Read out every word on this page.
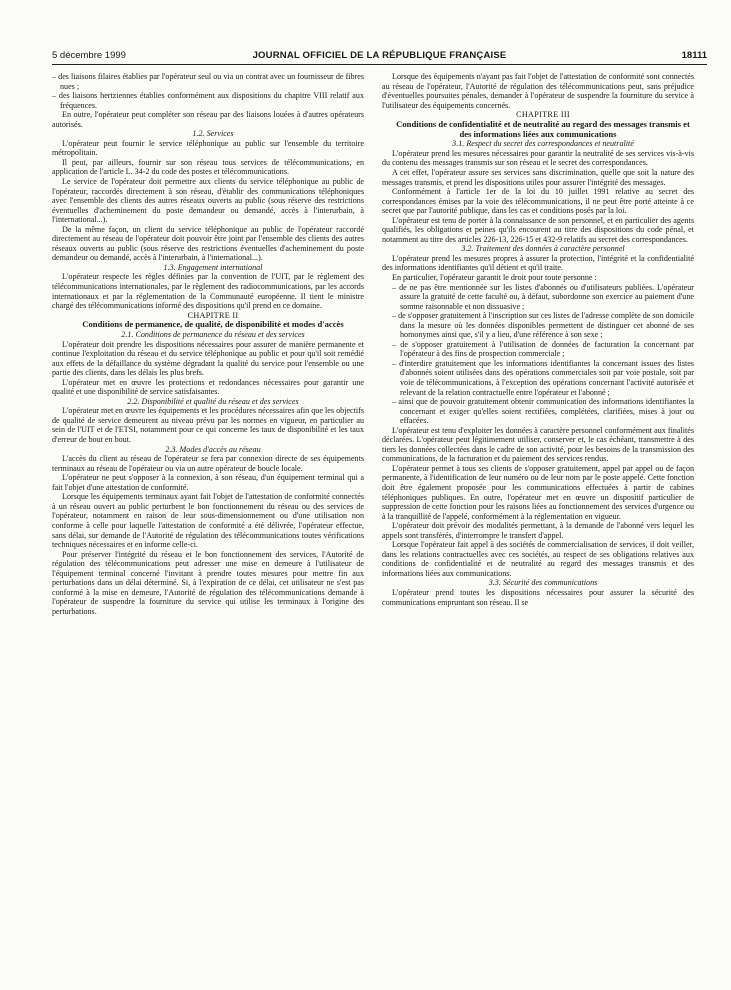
5 décembre 1999	JOURNAL OFFICIEL DE LA RÉPUBLIQUE FRANÇAISE	18111

– des liaisons filaires établies par l'opérateur seul ou via un contrat avec un fournisseur de fibres nues ;

– des liaisons hertziennes établies conformément aux dispositions du chapitre VIII relatif aux fréquences.

En outre, l'opérateur peut compléter son réseau par des liaisons louées à d'autres opérateurs autorisés.

1.2. Services

L'opérateur peut fournir le service téléphonique au public sur l'ensemble du territoire métropolitain.

Il peut, par ailleurs, fournir sur son réseau tous services de télécommunications, en application de l'article L. 34-2 du code des postes et télécommunications.

Le service de l'opérateur doit permettre aux clients du service téléphonique au public de l'opérateur, raccordés directement à son réseau, d'établir des communications téléphoniques avec l'ensemble des clients des autres réseaux ouverts au public (sous réserve des restrictions éventuelles d'acheminement du poste demandeur ou demandé, accès à l'interurbain, à l'international...).

De la même façon, un client du service téléphonique au public de l'opérateur raccordé directement au réseau de l'opérateur doit pouvoir être joint par l'ensemble des clients des autres réseaux ouverts au public (sous réserve des restrictions éventuelles d'acheminement du poste demandeur ou demandé, accès à l'interurbain, à l'international...).

1.3. Engagement international

L'opérateur respecte les règles définies par la convention de l'UIT, par le règlement des télécommunications internationales, par le règlement des radiocommunications, par les accords internationaux et par la réglementation de la Communauté européenne. Il tient le ministre chargé des télécommunications informé des dispositions qu'il prend en ce domaine.

CHAPITRE II

Conditions de permanence, de qualité, de disponibilité et modes d'accès

2.1. Conditions de permanence du réseau et des services

L'opérateur doit prendre les dispositions nécessaires pour assurer de manière permanente et continue l'exploitation du réseau et du service téléphonique au public et pour qu'il soit remédié aux effets de la défaillance du système dégradant la qualité du service pour l'ensemble ou une partie des clients, dans les délais les plus brefs.

L'opérateur met en œuvre les protections et redondances nécessaires pour garantir une qualité et une disponibilité de service satisfaisantes.

2.2. Disponibilité et qualité du réseau et des services

L'opérateur met en œuvre les équipements et les procédures nécessaires afin que les objectifs de qualité de service demeurent au niveau prévu par les normes en vigueur, en particulier au sein de l'UIT et de l'ETSI, notamment pour ce qui concerne les taux de disponibilité et les taux d'erreur de bout en bout.

2.3. Modes d'accès au réseau

L'accès du client au réseau de l'opérateur se fera par connexion directe de ses équipements terminaux au réseau de l'opérateur ou via un autre opérateur de boucle locale.

L'opérateur ne peut s'opposer à la connexion, à son réseau, d'un équipement terminal qui a fait l'objet d'une attestation de conformité.

Lorsque les équipements terminaux ayant fait l'objet de l'attestation de conformité connectés à un réseau ouvert au public perturbent le bon fonctionnement du réseau ou des services de l'opérateur, notamment en raison de leur sous-dimensionnement ou d'une utilisation non conforme à celle pour laquelle l'attestation de conformité a été délivrée, l'opérateur effectue, sans délai, sur demande de l'Autorité de régulation des télécommunications toutes vérifications techniques nécessaires et en informe celle-ci.

Pour préserver l'intégrité du réseau et le bon fonctionnement des services, l'Autorité de régulation des télécommunications peut adresser une mise en demeure à l'utilisateur de l'équipement terminal concerné l'invitant à prendre toutes mesures pour mettre fin aux perturbations dans un délai déterminé. Si, à l'expiration de ce délai, cet utilisateur ne s'est pas conformé à la mise en demeure, l'Autorité de régulation des télécommunications demande à l'opérateur de suspendre la fourniture du service qui utilise les terminaux à l'origine des perturbations.

Lorsque des équipements n'ayant pas fait l'objet de l'attestation de conformité sont connectés au réseau de l'opérateur, l'Autorité de régulation des télécommunications peut, sans préjudice d'éventuelles poursuites pénales, demander à l'opérateur de suspendre la fourniture du service à l'utilisateur des équipements concernés.

CHAPITRE III

Conditions de confidentialité et de neutralité au regard des messages transmis et des informations liées aux communications

3.1. Respect du secret des correspondances et neutralité

L'opérateur prend les mesures nécessaires pour garantir la neutralité de ses services vis-à-vis du contenu des messages transmis sur son réseau et le secret des correspondances.

A cet effet, l'opérateur assure ses services sans discrimination, quelle que soit la nature des messages transmis, et prend les dispositions utiles pour assurer l'intégrité des messages.

Conformément à l'article 1er de la loi du 10 juillet 1991 relative au secret des correspondances émises par la voie des télécommunications, il ne peut être porté atteinte à ce secret que par l'autorité publique, dans les cas et conditions posés par la loi.

L'opérateur est tenu de porter à la connaissance de son personnel, et en particulier des agents qualifiés, les obligations et peines qu'ils encourent au titre des dispositions du code pénal, et notamment au titre des articles 226-13, 226-15 et 432-9 relatifs au secret des correspondances.

3.2. Traitement des données à caractère personnel

L'opérateur prend les mesures propres à assurer la protection, l'intégrité et la confidentialité des informations identifiantes qu'il détient et qu'il traite.

En particulier, l'opérateur garantit le droit pour toute personne :

– de ne pas être mentionnée sur les listes d'abonnés ou d'utilisateurs publiées. L'opérateur assure la gratuité de cette faculté ou, à défaut, subordonne son exercice au paiement d'une somme raisonnable et non dissuasive ;

– de s'opposer gratuitement à l'inscription sur ces listes de l'adresse complète de son domicile dans la mesure où les données disponibles permettent de distinguer cet abonné de ses homonymes ainsi que, s'il y a lieu, d'une référence à son sexe ;

– de s'opposer gratuitement à l'utilisation de données de facturation la concernant par l'opérateur à des fins de prospection commerciale ;

– d'interdire gratuitement que les informations identifiantes la concernant issues des listes d'abonnés soient utilisées dans des opérations commerciales soit par voie postale, soit par voie de télécommunications, à l'exception des opérations concernant l'activité autorisée et relevant de la relation contractuelle entre l'opérateur et l'abonné ;

– ainsi que de pouvoir gratuitement obtenir communication des informations identifiantes la concernant et exiger qu'elles soient rectifiées, complétées, clarifiées, mises à jour ou effacées.

L'opérateur est tenu d'exploiter les données à caractère personnel conformément aux finalités déclarées. L'opérateur peut légitimement utiliser, conserver et, le cas échéant, transmettre à des tiers les données collectées dans le cadre de son activité, pour les besoins de la transmission des communications, de la facturation et du paiement des services rendus.

L'opérateur permet à tous ses clients de s'opposer gratuitement, appel par appel ou de façon permanente, à l'identification de leur numéro ou de leur nom par le poste appelé. Cette fonction doit être également proposée pour les communications effectuées à partir de cabines téléphoniques publiques. En outre, l'opérateur met en œuvre un dispositif particulier de suppression de cette fonction pour les raisons liées au fonctionnement des services d'urgence ou à la tranquillité de l'appelé, conformément à la réglementation en vigueur.

L'opérateur doit prévoir des modalités permettant, à la demande de l'abonné vers lequel les appels sont transférés, d'interrompre le transfert d'appel.

Lorsque l'opérateur fait appel à des sociétés de commercialisation de services, il doit veiller, dans les relations contractuelles avec ces sociétés, au respect de ses obligations relatives aux conditions de confidentialité et de neutralité au regard des messages transmis et des informations liées aux communications.

3.3. Sécurité des communications

L'opérateur prend toutes les dispositions nécessaires pour assurer la sécurité des communications empruntant son réseau. Il se
